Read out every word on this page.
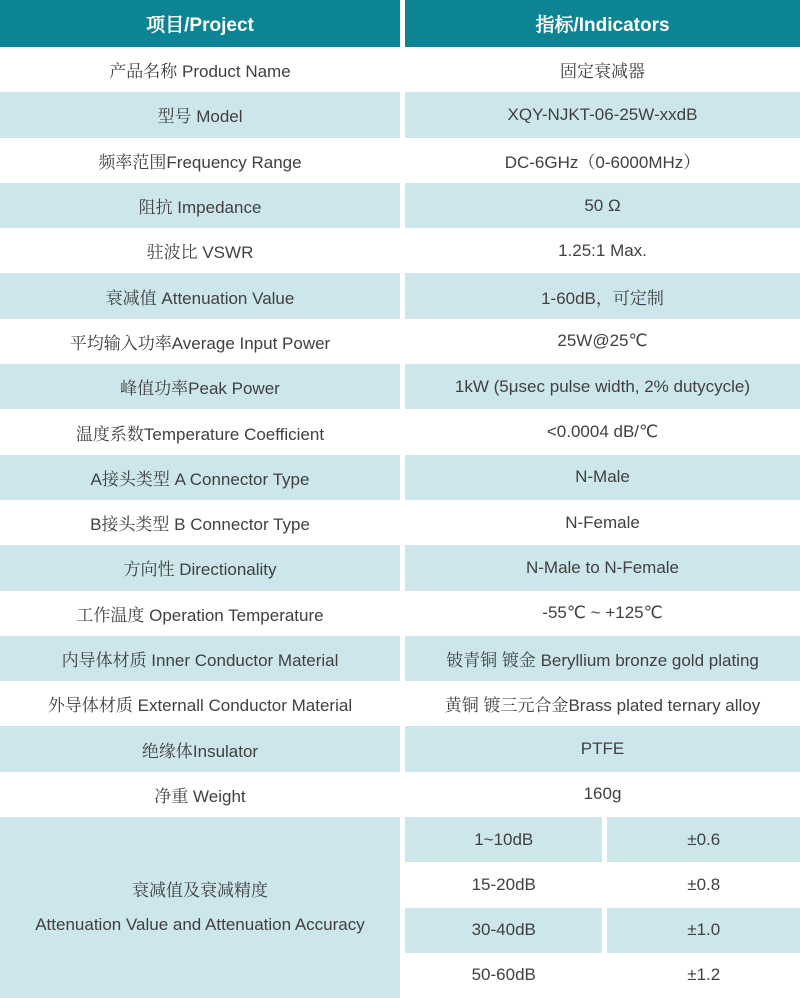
项目/Project	指标/Indicators
产品名称 Product Name	固定衰减器
型号 Model	XQY-NJKT-06-25W-xxdB
频率范围Frequency Range	DC-6GHz（0-6000MHz）
阻抗 Impedance	50 Ω
驻波比 VSWR	1.25:1 Max.
衰减值 Attenuation Value	1-60dB，可定制
平均输入功率Average Input Power	25W@25℃
峰值功率Peak Power	1kW (5μsec pulse width, 2% dutycycle)
温度系数Temperature Coefficient	<0.0004 dB/℃
A接头类型 A Connector Type	N-Male
B接头类型 B Connector Type	N-Female
方向性 Directionality	N-Male to N-Female
工作温度 Operation Temperature	-55℃ ~ +125℃
内导体材质 Inner Conductor Material	铍青铜 镀金 Beryllium bronze gold plating
外导体材质 Externall Conductor Material	黄铜 镀三元合金Brass plated ternary alloy
绝缘体Insulator	PTFE
净重 Weight	160g
衰减值及衰减精度
Attenuation Value and Attenuation Accuracy
1~10dB	±0.6
15-20dB	±0.8
30-40dB	±1.0
50-60dB	±1.2
